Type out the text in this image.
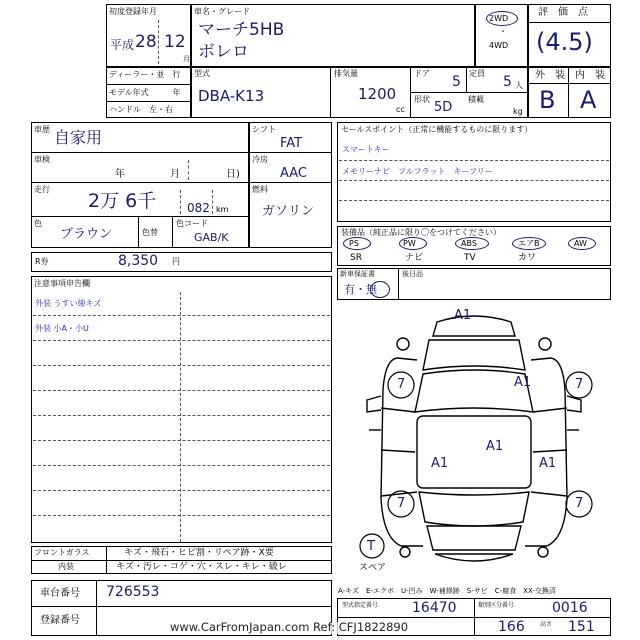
初度登録年月
平成 28 12
月
車名・グレード
マーチ5HB
ボレロ
2WD
・
4WD
評　価　点
(4.5)
外　装 内　装
B A
ディーラー・並　行
モデル年式　　　年
ハンドル　左・右
型式
DBA-K13
排気量
1200
cc
ドア
5
定員
5 人
形状
5D
積載
kg
車歴 自家用
車検
年	月	日)
走行
2万 6千	082 km
色
ブラウン	色替
色コード
GAB/K
シフト
FAT
冷房
AAC
燃料
ガソリン
R券	8,350 円
セールスポイント（正常に機能するものに限ります）
スマートキー
メモリーナビ　フルフラット　キーフリー
装備品（純正品に限り〇をつけてください）
PS	PW	ABS	エアB	AW
SR	ナビ	TV	カワ
新車保証書
有・無
後日品
注意事項申告欄
外装 うすい線キズ
外装 小A・小U
A1
A1
7	7
A1
A1	A1
7	7
T
スペア
フロントガラス	キズ・飛石・ヒビ割・リペア跡・X要
内装	キズ・汚レ・コゲ・穴・スレ・キレ・破レ
A-キズ　E-エクボ　U-凹み　W-補修跡　S-サビ　C-腐食　XX-交換済
車台番号 726553
登録番号
型式指定番号 16470	類別区分番号	0016
166	高さ 151
www.CarFromJapan.com Ref: CFJ1822890
